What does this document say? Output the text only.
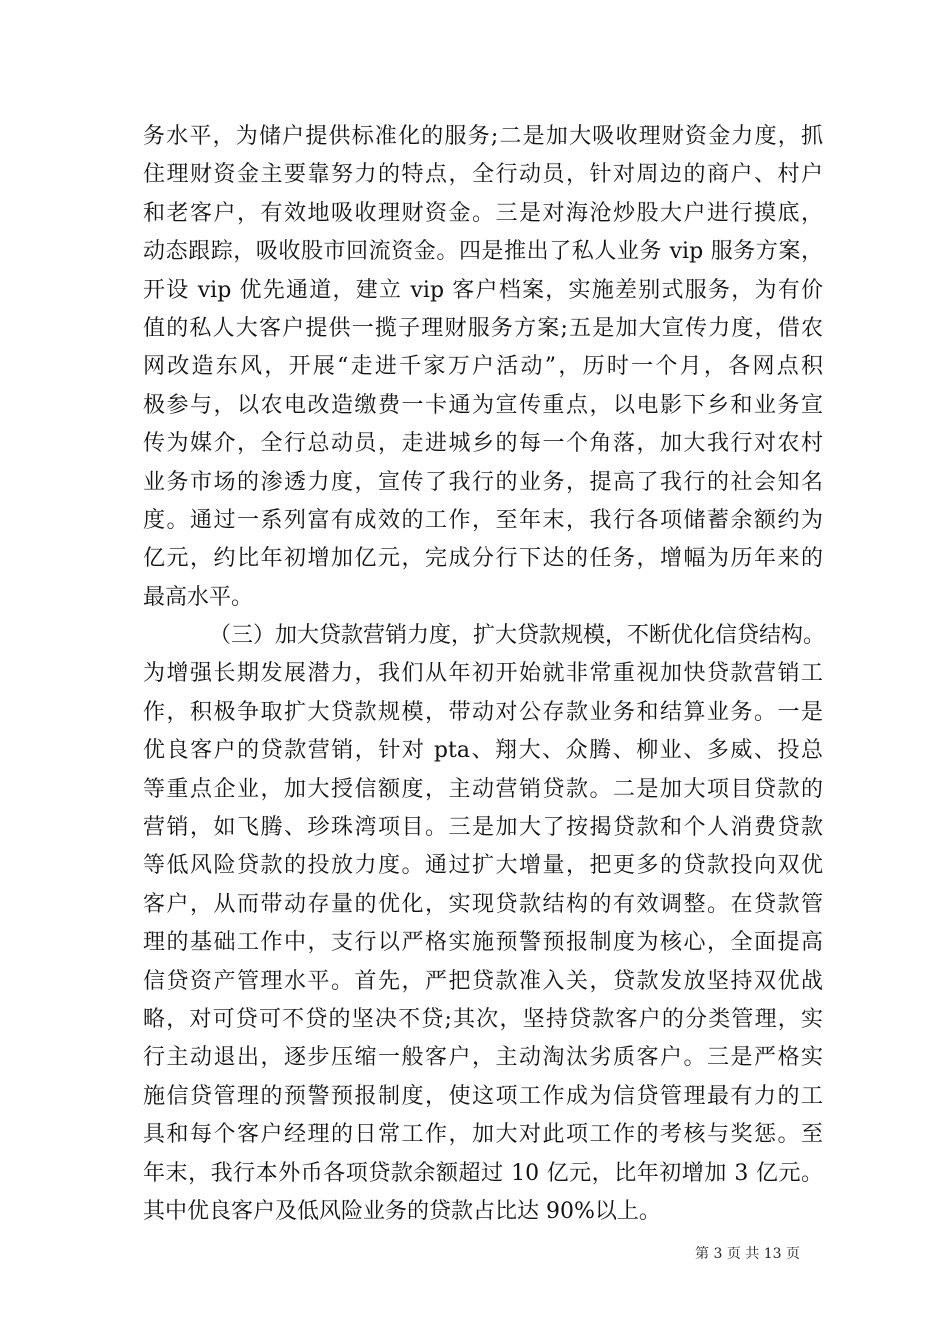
务水平，为储户提供标准化的服务;二是加大吸收理财资金力度，抓
住理财资金主要靠努力的特点，全行动员，针对周边的商户、村户
和老客户，有效地吸收理财资金。三是对海沧炒股大户进行摸底，
动态跟踪，吸收股市回流资金。四是推出了私人业务 vip 服务方案，
开设 vip 优先通道，建立 vip 客户档案，实施差别式服务，为有价
值的私人大客户提供一揽子理财服务方案;五是加大宣传力度，借农
网改造东风，开展“走进千家万户活动”，历时一个月，各网点积
极参与，以农电改造缴费一卡通为宣传重点，以电影下乡和业务宣
传为媒介，全行总动员，走进城乡的每一个角落，加大我行对农村
业务市场的渗透力度，宣传了我行的业务，提高了我行的社会知名
度。通过一系列富有成效的工作，至年末，我行各项储蓄余额约为
亿元，约比年初增加亿元，完成分行下达的任务，增幅为历年来的
最高水平。
（三）加大贷款营销力度，扩大贷款规模，不断优化信贷结构。
为增强长期发展潜力，我们从年初开始就非常重视加快贷款营销工
作，积极争取扩大贷款规模，带动对公存款业务和结算业务。一是
优良客户的贷款营销，针对 pta、翔大、众腾、柳业、多威、投总
等重点企业，加大授信额度，主动营销贷款。二是加大项目贷款的
营销，如飞腾、珍珠湾项目。三是加大了按揭贷款和个人消费贷款
等低风险贷款的投放力度。通过扩大增量，把更多的贷款投向双优
客户，从而带动存量的优化，实现贷款结构的有效调整。在贷款管
理的基础工作中，支行以严格实施预警预报制度为核心，全面提高
信贷资产管理水平。首先，严把贷款准入关，贷款发放坚持双优战
略，对可贷可不贷的坚决不贷;其次，坚持贷款客户的分类管理，实
行主动退出，逐步压缩一般客户，主动淘汰劣质客户。三是严格实
施信贷管理的预警预报制度，使这项工作成为信贷管理最有力的工
具和每个客户经理的日常工作，加大对此项工作的考核与奖惩。至
年末，我行本外币各项贷款余额超过 10 亿元，比年初增加 3 亿元。
其中优良客户及低风险业务的贷款占比达 90%以上。
第 3 页 共 13 页
